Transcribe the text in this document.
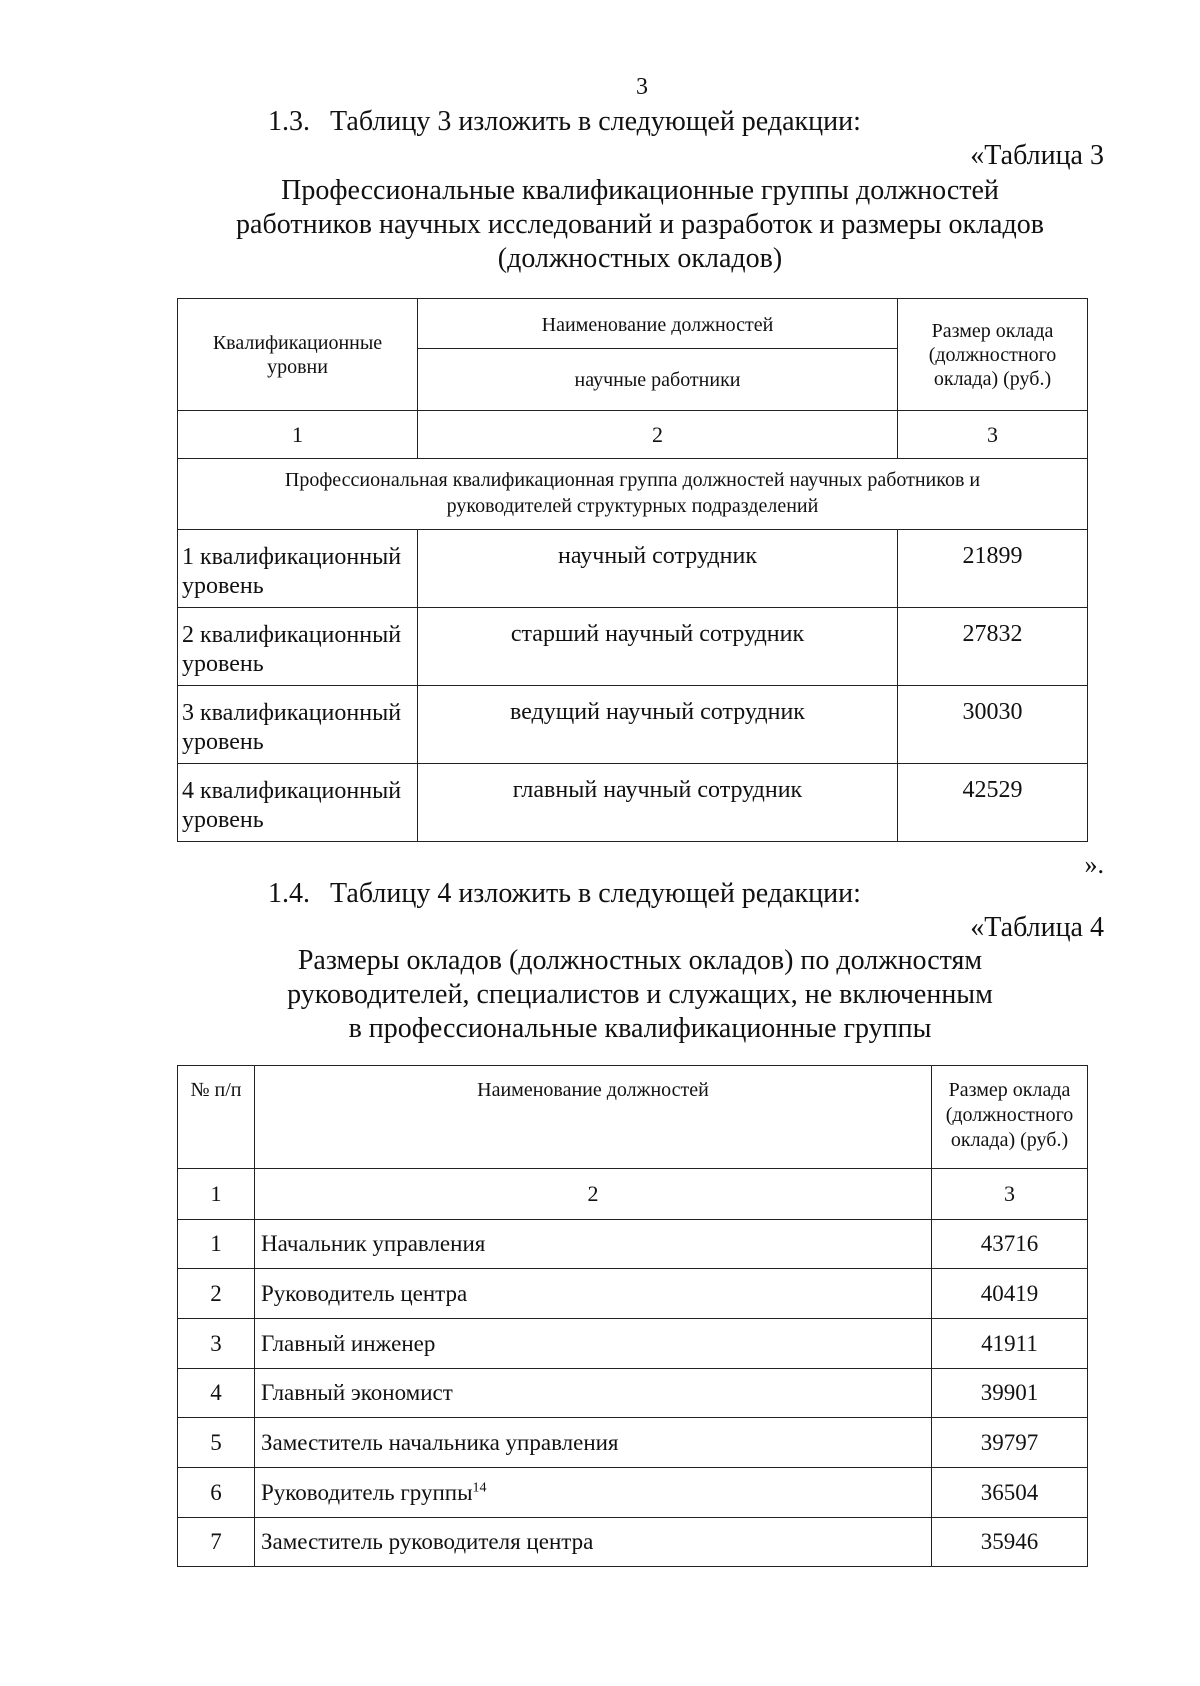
3
1.3. Таблицу 3 изложить в следующей редакции:
«Таблица 3
Профессиональные квалификационные группы должностей
работников научных исследований и разработок и размеры окладов
(должностных окладов)
Квалификационные уровни	Наименование должностей	Размер оклада (должностного оклада) (руб.)
	научные работники	
1	2	3
Профессиональная квалификационная группа должностей научных работников и руководителей структурных подразделений		
1 квалификационный уровень	научный сотрудник	21899
2 квалификационный уровень	старший научный сотрудник	27832
3 квалификационный уровень	ведущий научный сотрудник	30030
4 квалификационный уровень	главный научный сотрудник	42529
».
1.4. Таблицу 4 изложить в следующей редакции:
«Таблица 4
Размеры окладов (должностных окладов) по должностям
руководителей, специалистов и служащих, не включенным
в профессиональные квалификационные группы
№ п/п	Наименование должностей	Размер оклада (должностного оклада) (руб.)
1	2	3
1	Начальник управления	43716
2	Руководитель центра	40419
3	Главный инженер	41911
4	Главный экономист	39901
5	Заместитель начальника управления	39797
6	Руководитель группы$^{14}$	36504
7	Заместитель руководителя центра	35946
